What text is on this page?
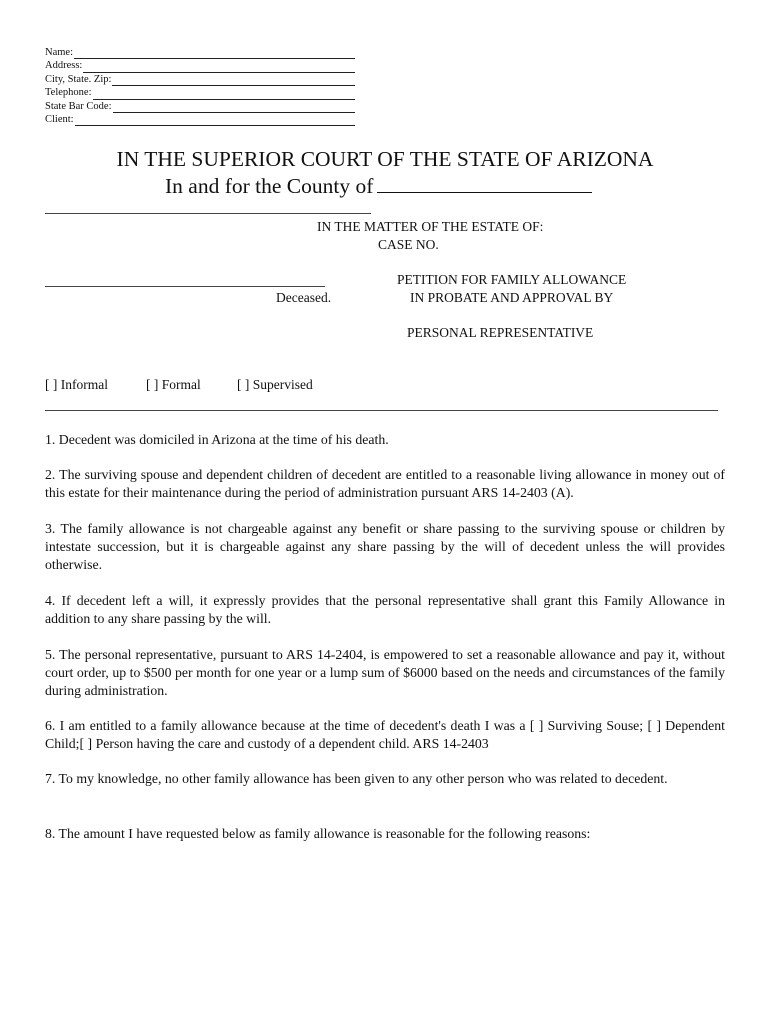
Name:
Address:
City, State. Zip:
Telephone:
State Bar Code:
Client:
IN THE SUPERIOR COURT OF THE STATE OF ARIZONA
In and for the County of
IN THE MATTER OF THE ESTATE OF:
CASE NO.
Deceased.
PETITION FOR FAMILY ALLOWANCE
IN PROBATE AND APPROVAL BY
PERSONAL REPRESENTATIVE
[ ] Informal	[ ] Formal	[ ] Supervised

1. Decedent was domiciled in Arizona at the time of his death.

2. The surviving spouse and dependent children of decedent are entitled to a reasonable living allowance in money out of this estate for their maintenance during the period of administration pursuant ARS 14-2403 (A).

3. The family allowance is not chargeable against any benefit or share passing to the surviving spouse or children by intestate succession, but it is chargeable against any share passing by the will of decedent unless the will provides otherwise.

4. If decedent left a will, it expressly provides that the personal representative shall grant this Family Allowance in addition to any share passing by the will.

5. The personal representative, pursuant to ARS 14-2404, is empowered to set a reasonable allowance and pay it, without court order, up to $500 per month for one year or a lump sum of $6000 based on the needs and circumstances of the family during administration.

6. I am entitled to a family allowance because at the time of decedent's death I was a [ ] Surviving Souse; [ ] Dependent Child;[ ] Person having the care and custody of a dependent child. ARS 14-2403

7. To my knowledge, no other family allowance has been given to any other person who was related to decedent.

8. The amount I have requested below as family allowance is reasonable for the following reasons:
